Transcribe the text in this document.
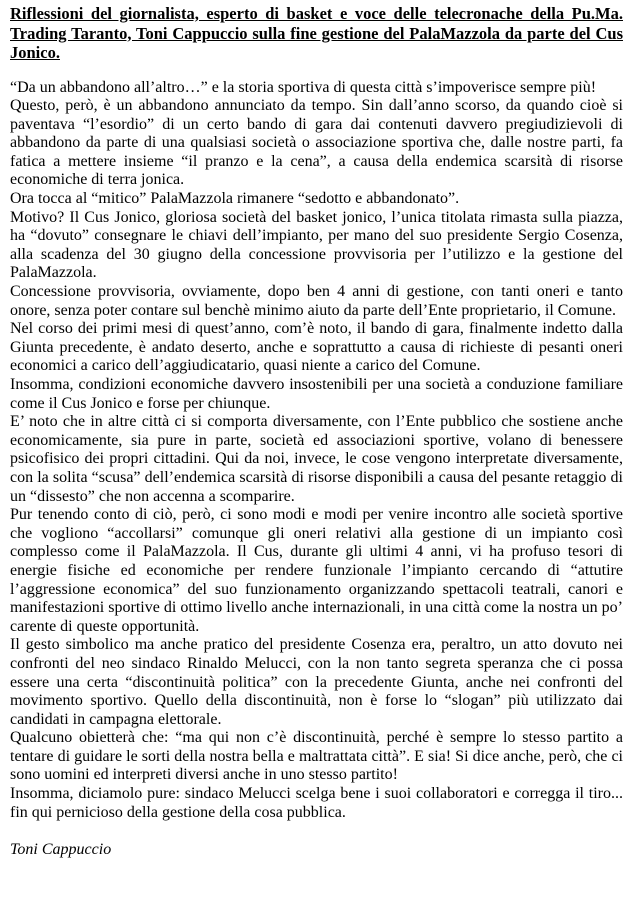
Riflessioni del giornalista, esperto di basket e voce delle telecronache della Pu.Ma. Trading Taranto, Toni Cappuccio sulla fine gestione del PalaMazzola da parte del Cus Jonico.

“Da un abbandono all’altro…” e la storia sportiva di questa città s’impoverisce sempre più!

Questo, però, è un abbandono annunciato da tempo. Sin dall’anno scorso, da quando cioè si paventava “l’esordio” di un certo bando di gara dai contenuti davvero pregiudizievoli di abbandono da parte di una qualsiasi società o associazione sportiva che, dalle nostre parti, fa fatica a mettere insieme “il pranzo e la cena”, a causa della endemica scarsità di risorse economiche di terra jonica.

Ora tocca al “mitico” PalaMazzola rimanere “sedotto e abbandonato”.

Motivo? Il Cus Jonico, gloriosa società del basket jonico, l’unica titolata rimasta sulla piazza, ha “dovuto” consegnare le chiavi dell’impianto, per mano del suo presidente Sergio Cosenza, alla scadenza del 30 giugno della concessione provvisoria per l’utilizzo e la gestione del PalaMazzola.

Concessione provvisoria, ovviamente, dopo ben 4 anni di gestione, con tanti oneri e tanto onore, senza poter contare sul benchè minimo aiuto da parte dell’Ente proprietario, il Comune.

Nel corso dei primi mesi di quest’anno, com’è noto, il bando di gara, finalmente indetto dalla Giunta precedente, è andato deserto, anche e soprattutto a causa di richieste di pesanti oneri economici a carico dell’aggiudicatario, quasi niente a carico del Comune.

Insomma, condizioni economiche davvero insostenibili per una società a conduzione familiare come il Cus Jonico e forse per chiunque.

E’ noto che in altre città ci si comporta diversamente, con l’Ente pubblico che sostiene anche economicamente, sia pure in parte, società ed associazioni sportive, volano di benessere psicofisico dei propri cittadini. Qui da noi, invece, le cose vengono interpretate diversamente, con la solita “scusa” dell’endemica scarsità di risorse disponibili a causa del pesante retaggio di un “dissesto” che non accenna a scomparire.

Pur tenendo conto di ciò, però, ci sono modi e modi per venire incontro alle società sportive che vogliono “accollarsi” comunque gli oneri relativi alla gestione di un impianto così complesso come il PalaMazzola. Il Cus, durante gli ultimi 4 anni, vi ha profuso tesori di energie fisiche ed economiche per rendere funzionale l’impianto cercando di “attutire l’aggressione economica” del suo funzionamento organizzando spettacoli teatrali, canori e manifestazioni sportive di ottimo livello anche internazionali, in una città come la nostra un po’ carente di queste opportunità.

Il gesto simbolico ma anche pratico del presidente Cosenza era, peraltro, un atto dovuto nei confronti del neo sindaco Rinaldo Melucci, con la non tanto segreta speranza che ci possa essere una certa “discontinuità politica” con la precedente Giunta, anche nei confronti del movimento sportivo. Quello della discontinuità, non è forse lo “slogan” più utilizzato dai candidati in campagna elettorale.

Qualcuno obietterà che: “ma qui non c’è discontinuità, perché è sempre lo stesso partito a tentare di guidare le sorti della nostra bella e maltrattata città”. E sia! Si dice anche, però, che ci sono uomini ed interpreti diversi anche in uno stesso partito!

Insomma, diciamolo pure: sindaco Melucci scelga bene i suoi collaboratori e corregga il tiro... fin qui pernicioso della gestione della cosa pubblica.

Toni Cappuccio
